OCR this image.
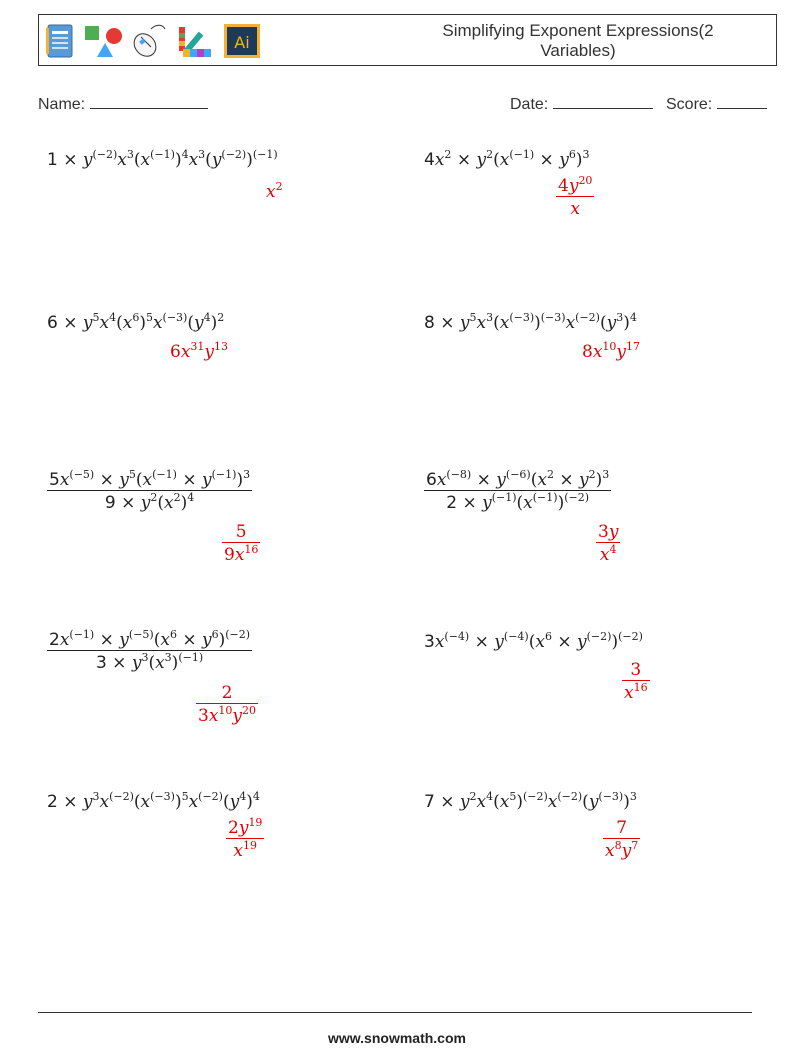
Ai
Simplifying Exponent Expressions(2 Variables)
Name:	Date:	Score:
$1 \times y^{(-2)}x^3(x^{(-1)})^4x^3(y^{(-2)})^{(-1)}$
$x^2$
$4x^2 \times y^2(x^{(-1)} \times y^6)^3$
$\frac{4y^{20}}{x}$
$6 \times y^5x^4(x^6)^5x^{(-3)}(y^4)^2$
$6x^{31}y^{13}$
$8 \times y^5x^3(x^{(-3)})^{(-3)}x^{(-2)}(y^3)^4$
$8x^{10}y^{17}$
$\frac{5x^{(-5)} \times y^5(x^{(-1)} \times y^{(-1)})^3}{9 \times y^2(x^2)^4}$
$\frac{5}{9x^{16}}$
$\frac{6x^{(-8)} \times y^{(-6)}(x^2 \times y^2)^3}{2 \times y^{(-1)}(x^{(-1)})^{(-2)}}$
$\frac{3y}{x^4}$
$\frac{2x^{(-1)} \times y^{(-5)}(x^6 \times y^6)^{(-2)}}{3 \times y^3(x^3)^{(-1)}}$
$\frac{2}{3x^{10}y^{20}}$
$3x^{(-4)} \times y^{(-4)}(x^6 \times y^{(-2)})^{(-2)}$
$\frac{3}{x^{16}}$
$2 \times y^3x^{(-2)}(x^{(-3)})^5x^{(-2)}(y^4)^4$
$\frac{2y^{19}}{x^{19}}$
$7 \times y^2x^4(x^5)^{(-2)}x^{(-2)}(y^{(-3)})^3$
$\frac{7}{x^8y^7}$
www.snowmath.com
